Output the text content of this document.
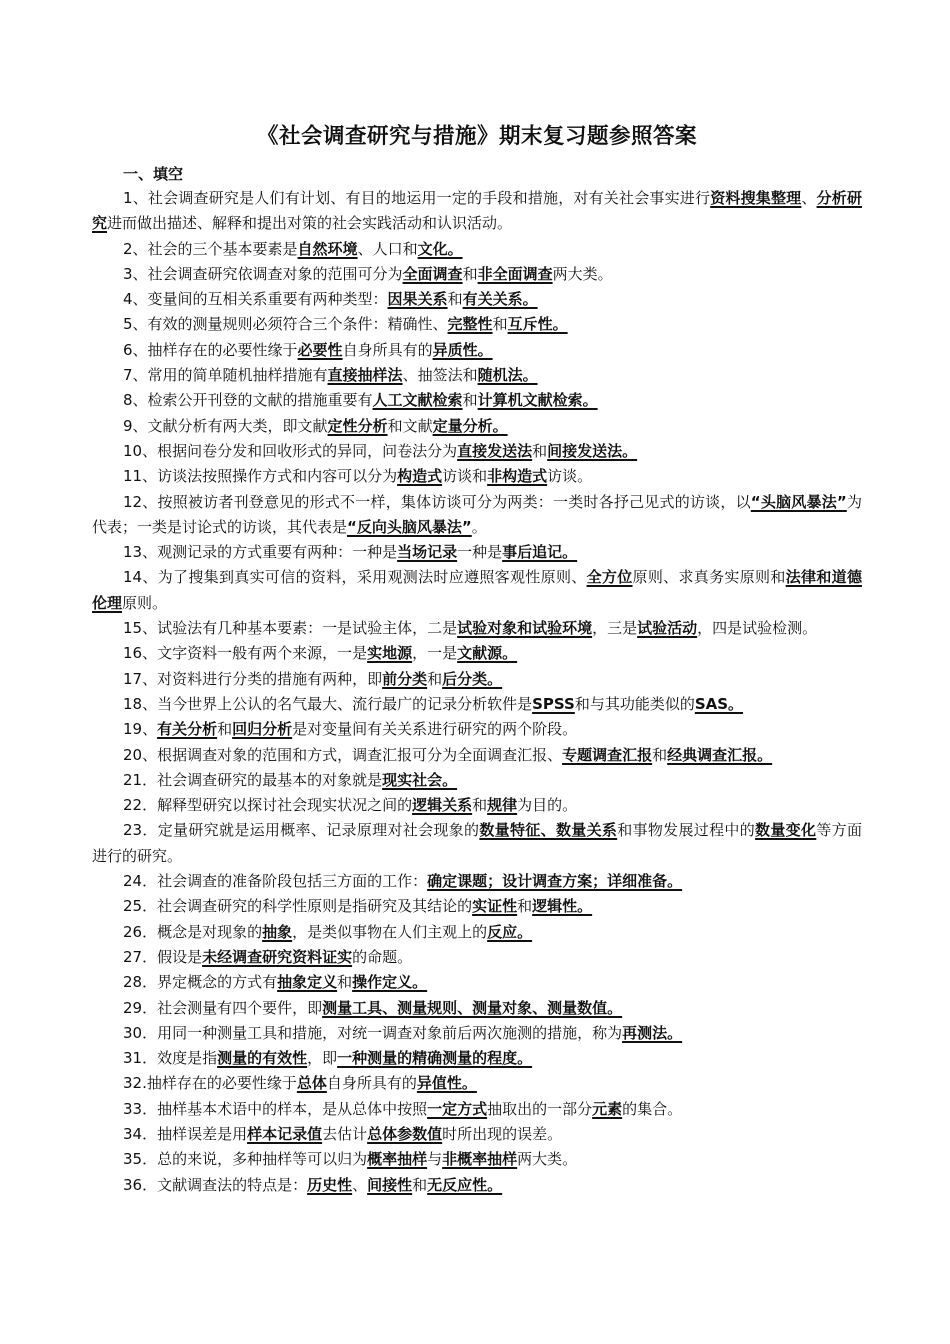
《社会调查研究与措施》期末复习题参照答案
一、填空
1、社会调查研究是人们有计划、有目的地运用一定的手段和措施，对有关社会事实进行资料搜集整理、分析研究进而做出描述、解释和提出对策的社会实践活动和认识活动。
2、社会的三个基本要素是自然环境、人口和文化。
3、社会调查研究依调查对象的范围可分为全面调查和非全面调查两大类。
4、变量间的互相关系重要有两种类型：因果关系和有关关系。
5、有效的测量规则必须符合三个条件：精确性、完整性和互斥性。
6、抽样存在的必要性缘于必要性自身所具有的异质性。
7、常用的简单随机抽样措施有直接抽样法、抽签法和随机法。
8、检索公开刊登的文献的措施重要有人工文献检索和计算机文献检索。
9、文献分析有两大类，即文献定性分析和文献定量分析。
10、根据问卷分发和回收形式的异同，问卷法分为直接发送法和间接发送法。
11、访谈法按照操作方式和内容可以分为构造式访谈和非构造式访谈。
12、按照被访者刊登意见的形式不一样，集体访谈可分为两类：一类时各抒己见式的访谈，以“头脑风暴法”为代表；一类是讨论式的访谈，其代表是“反向头脑风暴法”。
13、观测记录的方式重要有两种：一种是当场记录一种是事后追记。
14、为了搜集到真实可信的资料，采用观测法时应遵照客观性原则、全方位原则、求真务实原则和法律和道德伦理原则。
15、试验法有几种基本要素：一是试验主体，二是试验对象和试验环境，三是试验活动，四是试验检测。
16、文字资料一般有两个来源，一是实地源，一是文献源。
17、对资料进行分类的措施有两种，即前分类和后分类。
18、当今世界上公认的名气最大、流行最广的记录分析软件是SPSS和与其功能类似的SAS。
19、有关分析和回归分析是对变量间有关关系进行研究的两个阶段。
20、根据调查对象的范围和方式，调查汇报可分为全面调查汇报、专题调查汇报和经典调查汇报。
21．社会调查研究的最基本的对象就是现实社会。
22．解释型研究以探讨社会现实状况之间的逻辑关系和规律为目的。
23．定量研究就是运用概率、记录原理对社会现象的数量特征、数量关系和事物发展过程中的数量变化等方面进行的研究。
24．社会调查的准备阶段包括三方面的工作：确定课题；设计调查方案；详细准备。
25．社会调查研究的科学性原则是指研究及其结论的实证性和逻辑性。
26．概念是对现象的抽象，是类似事物在人们主观上的反应。
27．假设是未经调查研究资料证实的命题。
28．界定概念的方式有抽象定义和操作定义。
29．社会测量有四个要件，即测量工具、测量规则、测量对象、测量数值。
30．用同一种测量工具和措施，对统一调查对象前后两次施测的措施，称为再测法。
31．效度是指测量的有效性，即一种测量的精确测量的程度。
32.抽样存在的必要性缘于总体自身所具有的异值性。
33．抽样基本术语中的样本，是从总体中按照一定方式抽取出的一部分元素的集合。
34．抽样误差是用样本记录值去估计总体参数值时所出现的误差。
35．总的来说，多种抽样等可以归为概率抽样与非概率抽样两大类。
36．文献调查法的特点是：历史性、间接性和无反应性。
